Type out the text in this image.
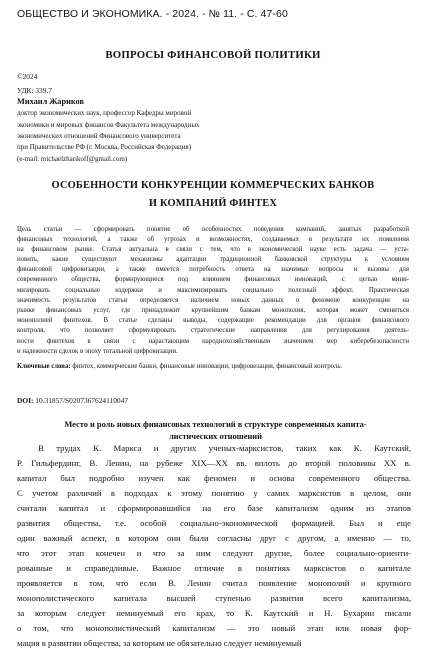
ОБЩЕСТВО И ЭКОНОМИКА. - 2024. - № 11. - С. 47-60
ВОПРОСЫ ФИНАНСОВОЙ ПОЛИТИКИ
©2024
УДК: 339.7
Михаил Жариков
доктор экономических наук, профессор Кафедры мировой
экономики и мировых финансов Факультета международных
экономических отношений Финансового университета
при Правительстве РФ (г. Москва, Российская Федерация)
(e-mail: michaelzharikoff@gmail.com)
ОСОБЕННОСТИ КОНКУРЕНЦИИ КОММЕРЧЕСКИХ БАНКОВ
И КОМПАНИЙ ФИНТЕХ
Цель статьи — сформировать понятие об особенностях поведения компаний, занятых разработкой
финансовых технологий, а также об угрозах и возможностях, создаваемых в результате их появления
на финансовом рынке. Статья актуальна в связи с тем, что в экономической науке есть задача — уста-
новить, какие существуют механизмы адаптации традиционной банковской структуры к условиям
финансовой цифровизации, а также имеется потребность ответа на значимые вопросы и вызовы для
современного общества, формирующиеся под влиянием финансовых инноваций, с целью мини-
мизировать социальные издержки и максимизировать социально полезный эффект. Практическая
значимость результатов статьи определяется наличием новых данных о феномене конкуренции на
рынке финансовых услуг, где принадлежит крупнейшим банкам монополия, которая может смениться
монополией финтехов. В статье сделаны выводы, содержащие рекомендации для органов финансового
контроля, что позволяет сформулировать стратегические направления для регулирования деятель-
ности финтехов в связи с нарастающим народнохозяйственным значением мер киберебезопасности
и надежности сделок в эпоху тотальной цифровизации.
Ключевые слова: финтех, коммерческие банки, финансовые инновации, цифровизация, финансовый контроль.
DOI: 10.31857/S0207367624110047
Место и роль новых финансовых технологий в структуре современных капита-
листических отношений
В трудах К. Маркса и других ученых-марксистов, таких как К. Каутский,
Р. Гильфердинг, В. Ленин, на рубеже XIX—XX вв. вплоть до второй половины XX в.
капитал был подробно изучен как феномен и основа современного общества.
С учетом различий в подходах к этому понятию у самих марксистов в целом, они
считали капитал и сформировавшийся на его базе капитализм одним из этапов
развития общества, т.е. особой социально-экономической формацией. Был и еще
один важный аспект, в котором они были согласны друг с другом, а именно — то,
что этот этап конечен и что за ним следуют другие, более социально-ориенти-
рованные и справедливые. Важное отличие в понятиях марксистов о капитале
проявляется в том, что если В. Ленин считал появление монополий и крупного
монополистического капитала высшей ступенью развития всего капитализма,
за которым следует неминуемый его крах, то К. Каутский и Н. Бухарин писали
о том, что монополистический капитализм — это новый этап или новая фор-
мация в развитии общества, за которым не обязательно следует неминуемый
